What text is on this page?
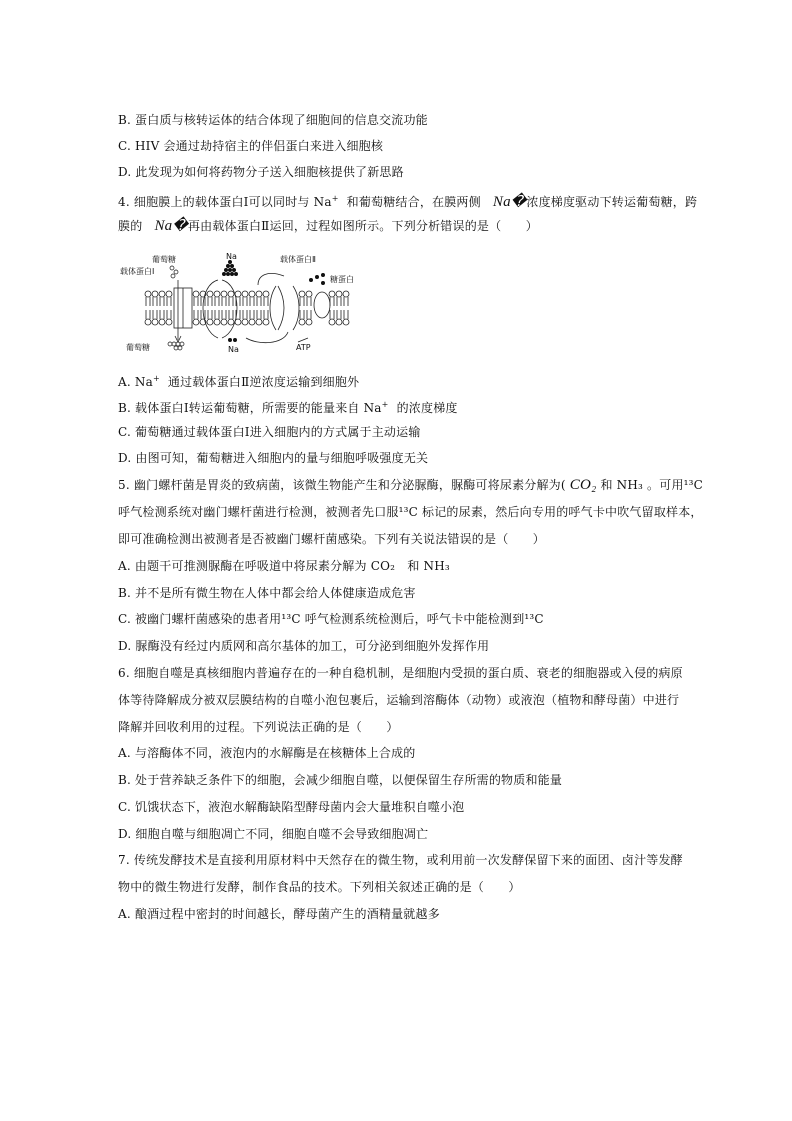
B. 蛋白质与核转运体的结合体现了细胞间的信息交流功能
C. HIV 会通过劫持宿主的伴侣蛋白来进入细胞核
D. 此发现为如何将药物分子送入细胞核提供了新思路
4. 细胞膜上的载体蛋白Ⅰ可以同时与 Na+ 和葡萄糖结合，在膜两侧 Na�浓度梯度驱动下转运葡萄糖，跨
膜的 Na�再由载体蛋白Ⅱ运回，过程如图所示。下列分析错误的是（　　）
葡萄糖
载体蛋白Ⅰ
Na	载体蛋白Ⅱ
糖蛋白
葡萄糖	Na	ATP
A. Na+ 通过载体蛋白Ⅱ逆浓度运输到细胞外
B. 载体蛋白Ⅰ转运葡萄糖，所需要的能量来自 Na+ 的浓度梯度
C. 葡萄糖通过载体蛋白Ⅰ进入细胞内的方式属于主动运输
D. 由图可知，葡萄糖进入细胞内的量与细胞呼吸强度无关
5. 幽门螺杆菌是胃炎的致病菌，该微生物能产生和分泌脲酶，脲酶可将尿素分解为( CO₂ 和 NH₃ 。可用¹³C
呼气检测系统对幽门螺杆菌进行检测，被测者先口服¹³C 标记的尿素，然后向专用的呼气卡中吹气留取样本，
即可准确检测出被测者是否被幽门螺杆菌感染。下列有关说法错误的是（　　）
A. 由题干可推测脲酶在呼吸道中将尿素分解为 CO₂　和 NH₃
B. 并不是所有微生物在人体中都会给人体健康造成危害
C. 被幽门螺杆菌感染的患者用¹³C 呼气检测系统检测后，呼气卡中能检测到¹³C
D. 脲酶没有经过内质网和高尔基体的加工，可分泌到细胞外发挥作用
6. 细胞自噬是真核细胞内普遍存在的一种自稳机制，是细胞内受损的蛋白质、衰老的细胞器或入侵的病原
体等待降解成分被双层膜结构的自噬小泡包裹后，运输到溶酶体（动物）或液泡（植物和酵母菌）中进行
降解并回收利用的过程。下列说法正确的是（　　）
A. 与溶酶体不同，液泡内的水解酶是在核糖体上合成的
B. 处于营养缺乏条件下的细胞，会减少细胞自噬，以便保留生存所需的物质和能量
C. 饥饿状态下，液泡水解酶缺陷型酵母菌内会大量堆积自噬小泡
D. 细胞自噬与细胞凋亡不同，细胞自噬不会导致细胞凋亡
7. 传统发酵技术是直接利用原材料中天然存在的微生物，或利用前一次发酵保留下来的面团、卤汁等发酵
物中的微生物进行发酵，制作食品的技术。下列相关叙述正确的是（　　）
A. 酿酒过程中密封的时间越长，酵母菌产生的酒精量就越多
